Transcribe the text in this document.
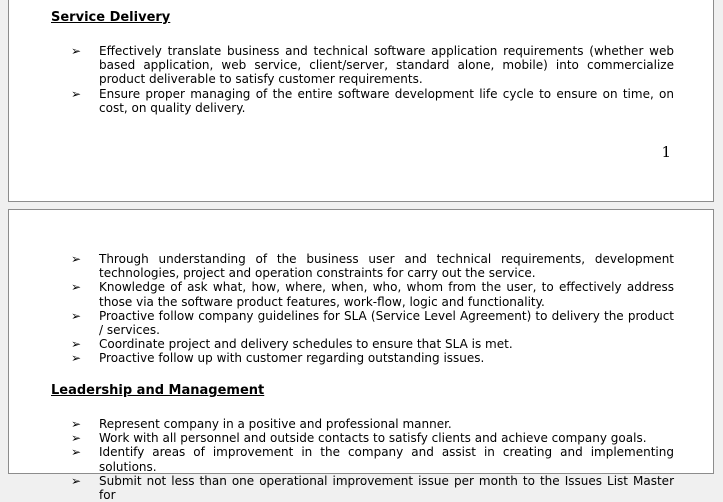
Service Delivery
➢ Effectively translate business and technical software application requirements (whether web based application, web service, client/server, standard alone, mobile) into commercialize product deliverable to satisfy customer requirements.
➢ Ensure proper managing of the entire software development life cycle to ensure on time, on cost, on quality delivery.
1
➢ Through understanding of the business user and technical requirements, development technologies, project and operation constraints for carry out the service.
➢ Knowledge of ask what, how, where, when, who, whom from the user, to effectively address those via the software product features, work-flow, logic and functionality.
➢ Proactive follow company guidelines for SLA (Service Level Agreement) to delivery the product / services.
➢ Coordinate project and delivery schedules to ensure that SLA is met.
➢ Proactive follow up with customer regarding outstanding issues.
Leadership and Management
➢ Represent company in a positive and professional manner.
➢ Work with all personnel and outside contacts to satisfy clients and achieve company goals.
➢ Identify areas of improvement in the company and assist in creating and implementing solutions.
➢ Submit not less than one operational improvement issue per month to the Issues List Master for
